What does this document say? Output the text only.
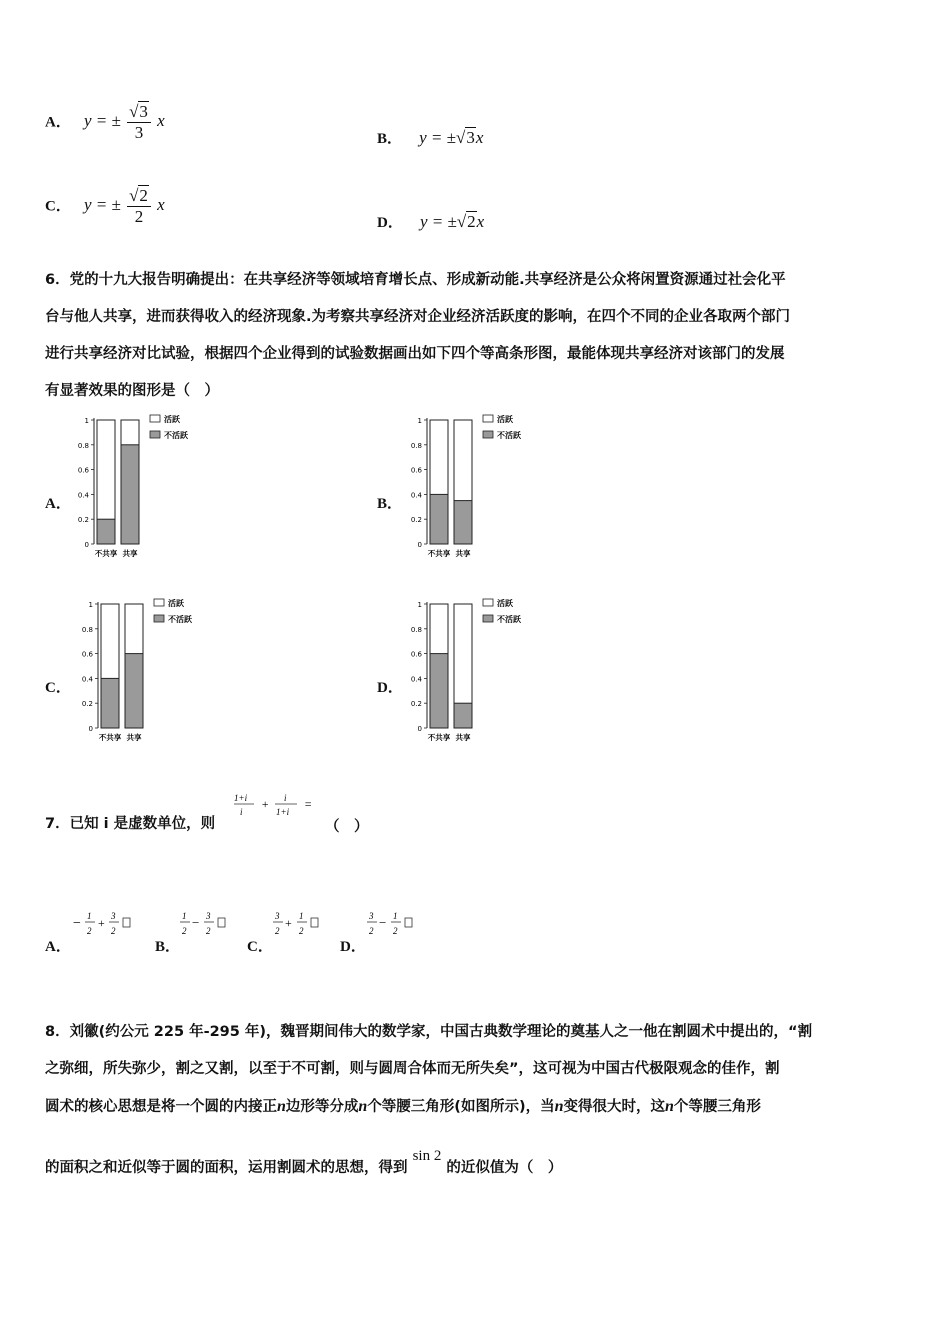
A． y = ± $\frac{√3}{3}$ x
B． y = ±√3x
C． y = ± $\frac{√2}{2}$ x
D． y = ±√2x
6．党的十九大报告明确提出：在共享经济等领域培育增长点、形成新动能.共享经济是公众将闲置资源通过社会化平
台与他人共享，进而获得收入的经济现象.为考察共享经济对企业经济活跃度的影响，在四个不同的企业各取两个部门
进行共享经济对比试验，根据四个企业得到的试验数据画出如下四个等高条形图，最能体现共享经济对该部门的发展
有显著效果的图形是（　）
A．	B．
C．	D．
0
0.2
0.4
0.6
0.8
1
不共享 共享
活跃
不活跃
0
0.2
0.4
0.6
0.8
1
不共享 共享
活跃
不活跃
0
0.2
0.4
0.6
0.8
1
不共享 共享
活跃
不活跃
0
0.2
0.4
0.6
0.8
1
不共享 共享
活跃
不活跃
7．已知 i 是虚数单位，则
1+i
i
+ i
1+i
=
（　）
A．
− 1
2
+ 3
2
B．
1
2
− 3
2
C．
3
2
+ 1
2
D．
3
2
− 1
2
8．刘徽(约公元 225 年-295 年)，魏晋期间伟大的数学家，中国古典数学理论的奠基人之一他在割圆术中提出的，“割
之弥细，所失弥少，割之又割，以至于不可割，则与圆周合体而无所失矣”，这可视为中国古代极限观念的佳作，割
圆术的核心思想是将一个圆的内接正n边形等分成n个等腰三角形(如图所示)，当n变得很大时，这n个等腰三角形
的面积之和近似等于圆的面积，运用割圆术的思想，得到 sin 2 的近似值为（　）
